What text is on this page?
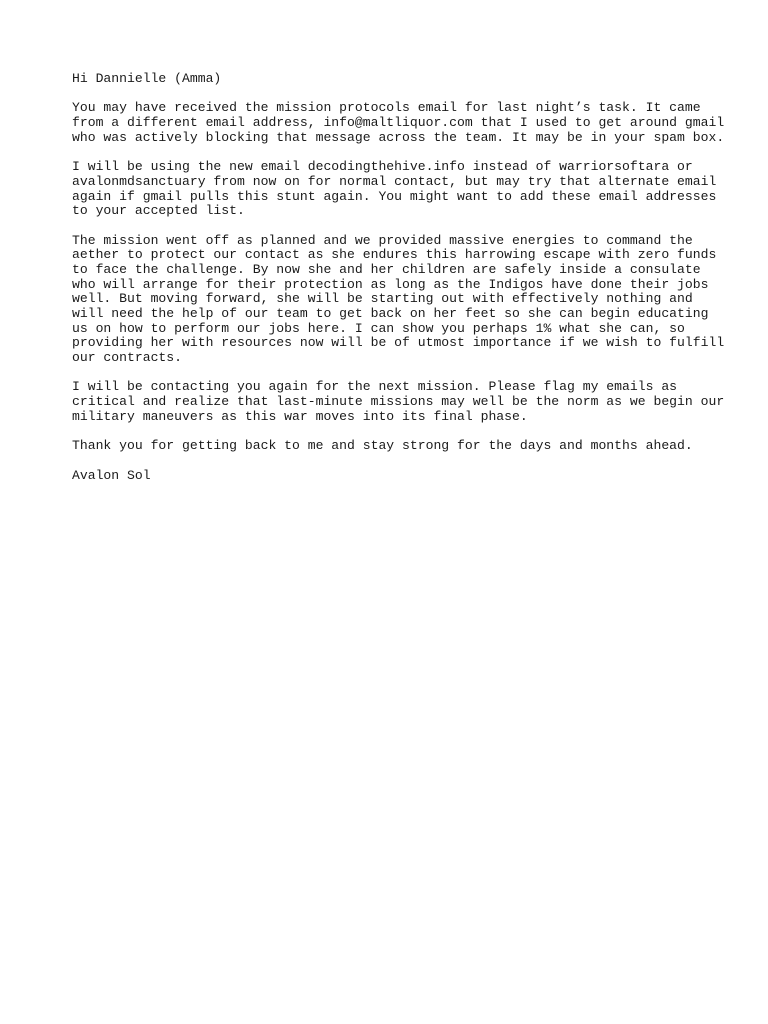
Hi Dannielle (Amma)
You may have received the mission protocols email for last night’s task. It came
from a different email address, info@maltliquor.com that I used to get around gmail
who was actively blocking that message across the team. It may be in your spam box.
I will be using the new email decodingthehive.info instead of warriorsoftara or
avalonmdsanctuary from now on for normal contact, but may try that alternate email
again if gmail pulls this stunt again. You might want to add these email addresses
to your accepted list.
The mission went off as planned and we provided massive energies to command the
aether to protect our contact as she endures this harrowing escape with zero funds
to face the challenge. By now she and her children are safely inside a consulate
who will arrange for their protection as long as the Indigos have done their jobs
well. But moving forward, she will be starting out with effectively nothing and
will need the help of our team to get back on her feet so she can begin educating
us on how to perform our jobs here. I can show you perhaps 1% what she can, so
providing her with resources now will be of utmost importance if we wish to fulfill
our contracts.
I will be contacting you again for the next mission. Please flag my emails as
critical and realize that last-minute missions may well be the norm as we begin our
military maneuvers as this war moves into its final phase.
Thank you for getting back to me and stay strong for the days and months ahead.
Avalon Sol
